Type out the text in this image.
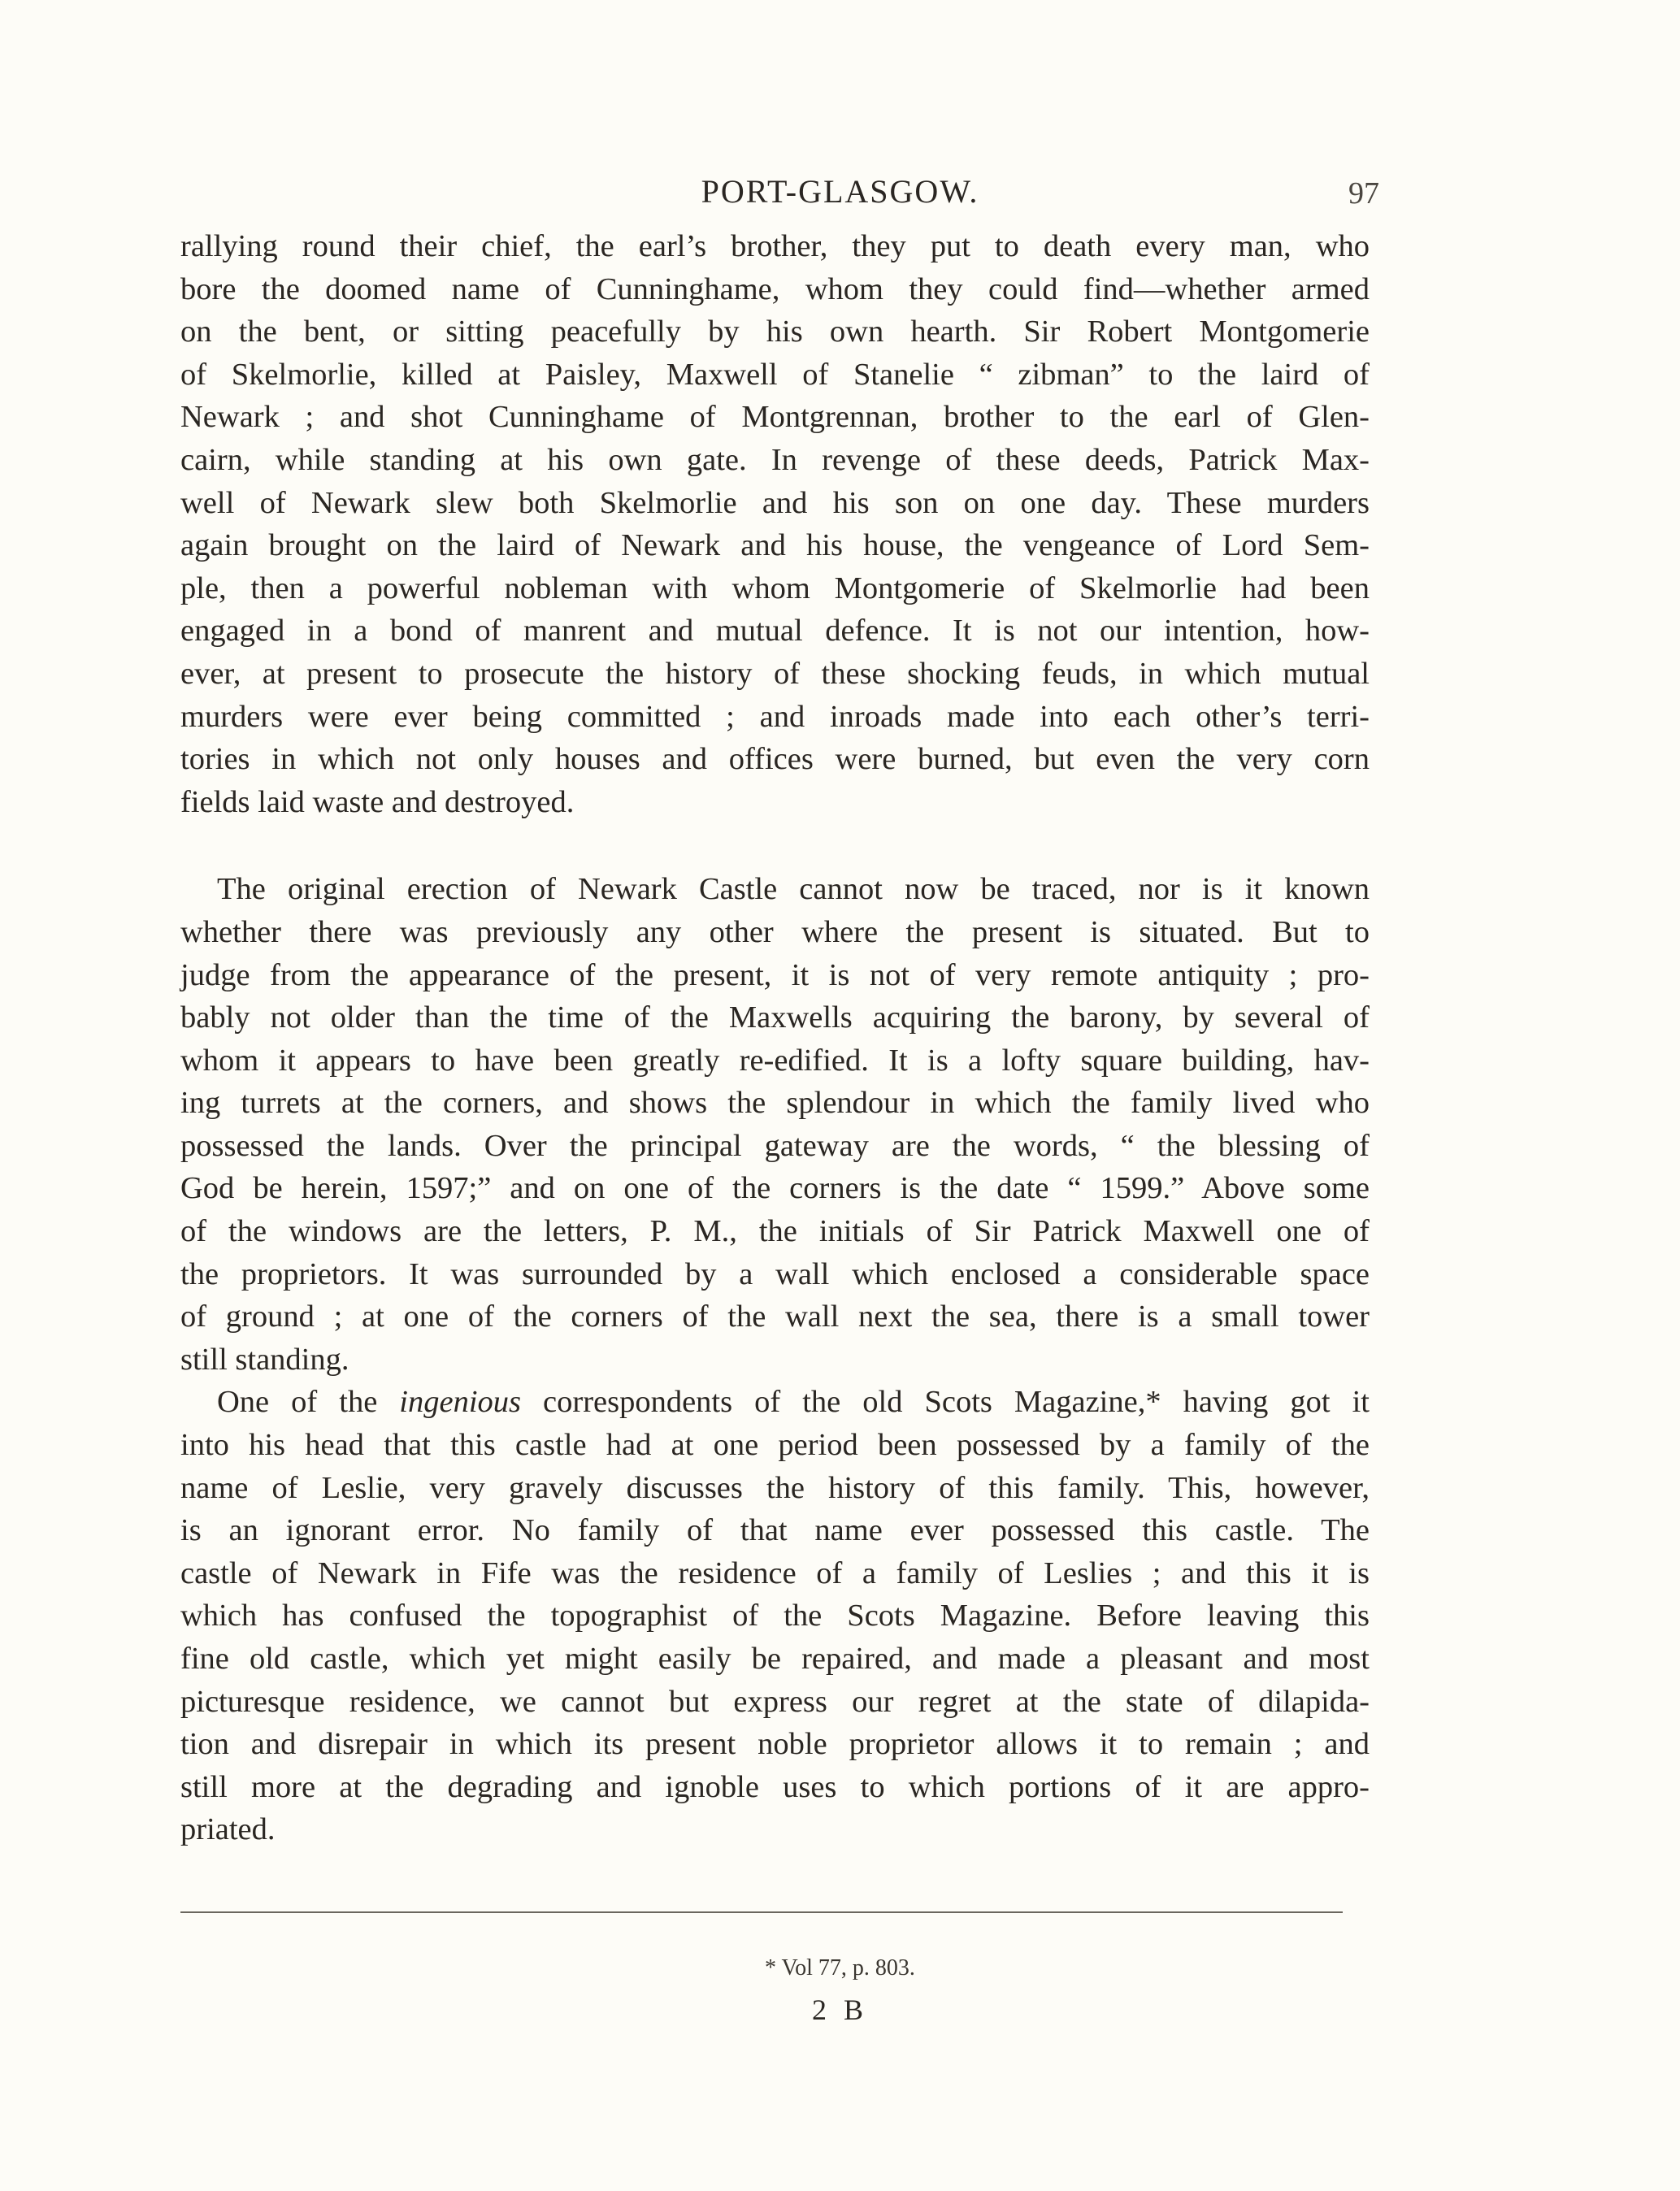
PORT-GLASGOW.	97
rallying round their chief, the earl’s brother, they put to death every man, who
bore the doomed name of Cunninghame, whom they could find—whether armed
on the bent, or sitting peacefully by his own hearth. Sir Robert Montgomerie
of Skelmorlie, killed at Paisley, Maxwell of Stanelie “ zibman” to the laird of
Newark ; and shot Cunninghame of Montgrennan, brother to the earl of Glen-
cairn, while standing at his own gate. In revenge of these deeds, Patrick Max-
well of Newark slew both Skelmorlie and his son on one day. These murders
again brought on the laird of Newark and his house, the vengeance of Lord Sem-
ple, then a powerful nobleman with whom Montgomerie of Skelmorlie had been
engaged in a bond of manrent and mutual defence. It is not our intention, how-
ever, at present to prosecute the history of these shocking feuds, in which mutual
murders were ever being committed ; and inroads made into each other’s terri-
tories in which not only houses and offices were burned, but even the very corn
fields laid waste and destroyed.
The original erection of Newark Castle cannot now be traced, nor is it known
whether there was previously any other where the present is situated. But to
judge from the appearance of the present, it is not of very remote antiquity ; pro-
bably not older than the time of the Maxwells acquiring the barony, by several of
whom it appears to have been greatly re-edified. It is a lofty square building, hav-
ing turrets at the corners, and shows the splendour in which the family lived who
possessed the lands. Over the principal gateway are the words, “ the blessing of
God be herein, 1597;” and on one of the corners is the date “ 1599.” Above some
of the windows are the letters, P. M., the initials of Sir Patrick Maxwell one of
the proprietors. It was surrounded by a wall which enclosed a considerable space
of ground ; at one of the corners of the wall next the sea, there is a small tower
still standing.
One of the ingenious correspondents of the old Scots Magazine,* having got it
into his head that this castle had at one period been possessed by a family of the
name of Leslie, very gravely discusses the history of this family. This, however,
is an ignorant error. No family of that name ever possessed this castle. The
castle of Newark in Fife was the residence of a family of Leslies ; and this it is
which has confused the topographist of the Scots Magazine. Before leaving this
fine old castle, which yet might easily be repaired, and made a pleasant and most
picturesque residence, we cannot but express our regret at the state of dilapida-
tion and disrepair in which its present noble proprietor allows it to remain ; and
still more at the degrading and ignoble uses to which portions of it are appro-
priated.
* Vol 77, p. 803.
2 B
